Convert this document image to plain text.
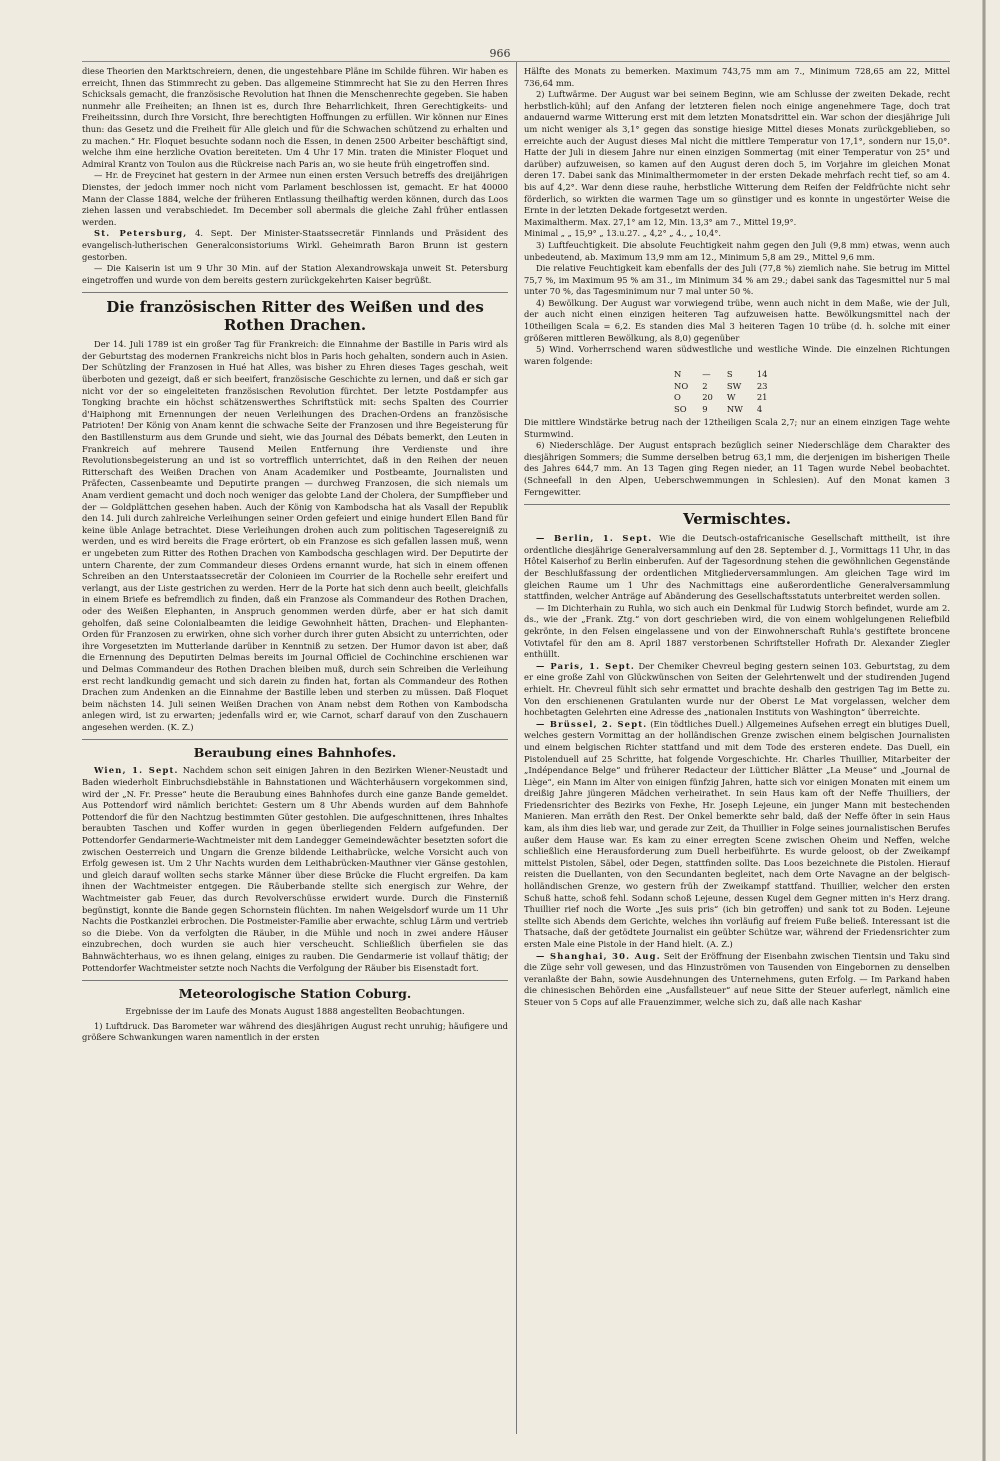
966

diese Theorien den Marktschreiern, denen, die ungestehbare Pläne im Schilde führen. Wir haben es erreicht, Ihnen das Stimmrecht zu geben. Das allgemeine Stimmrecht hat Sie zu den Herren Ihres Schicksals gemacht, die französische Revolution hat Ihnen die Menschenrechte gegeben. Sie haben nunmehr alle Freiheiten; an Ihnen ist es, durch Ihre Beharrlichkeit, Ihren Gerechtigkeits- und Freiheitssinn, durch Ihre Vorsicht, Ihre berechtigten Hoffnungen zu erfüllen. Wir können nur Eines thun: das Gesetz und die Freiheit für Alle gleich und für die Schwachen schützend zu erhalten und zu machen.“ Hr. Floquet besuchte sodann noch die Essen, in denen 2500 Arbeiter beschäftigt sind, welche ihm eine herzliche Ovation bereiteten. Um 4 Uhr 17 Min. traten die Minister Floquet und Admiral Krantz von Toulon aus die Rückreise nach Paris an, wo sie heute früh eingetroffen sind.

— Hr. de Freycinet hat gestern in der Armee nun einen ersten Versuch betreffs des dreijährigen Dienstes, der jedoch immer noch nicht vom Parlament beschlossen ist, gemacht. Er hat 40000 Mann der Classe 1884, welche der früheren Entlassung theilhaftig werden können, durch das Loos ziehen lassen und verabschiedet. Im December soll abermals die gleiche Zahl früher entlassen werden.

St. Petersburg, 4. Sept. Der Minister-Staatssecretär Finnlands und Präsident des evangelisch-lutherischen Generalconsistoriums Wirkl. Geheimrath Baron Brunn ist gestern gestorben.

— Die Kaiserin ist um 9 Uhr 30 Min. auf der Station Alexandrowskaja unweit St. Petersburg eingetroffen und wurde von dem bereits gestern zurückgekehrten Kaiser begrüßt.

Die französischen Ritter des Weißen und des Rothen Drachen.

Der 14. Juli 1789 ist ein großer Tag für Frankreich: die Einnahme der Bastille in Paris wird als der Geburtstag des modernen Frankreichs nicht blos in Paris hoch gehalten, sondern auch in Asien. Der Schützling der Franzosen in Hué hat Alles, was bisher zu Ehren dieses Tages geschah, weit überboten und gezeigt, daß er sich beeifert, französische Geschichte zu lernen, und daß er sich gar nicht vor der so eingeleiteten französischen Revolution fürchtet. Der letzte Postdampfer aus Tongking brachte ein höchst schätzenswerthes Schriftstück mit: sechs Spalten des Courrier d'Haiphong mit Ernennungen der neuen Verleihungen des Drachen-Ordens an französische Patrioten! Der König von Anam kennt die schwache Seite der Franzosen und ihre Begeisterung für den Bastillensturm aus dem Grunde und sieht, wie das Journal des Débats bemerkt, den Leuten in Frankreich auf mehrere Tausend Meilen Entfernung ihre Verdienste und ihre Revolutionsbegeisterung an und ist so vortrefflich unterrichtet, daß in den Reihen der neuen Ritterschaft des Weißen Drachen von Anam Academiker und Postbeamte, Journalisten und Präfecten, Cassenbeamte und Deputirte prangen — durchweg Franzosen, die sich niemals um Anam verdient gemacht und doch noch weniger das gelobte Land der Cholera, der Sumpffieber und der — Goldplättchen gesehen haben. Auch der König von Kambodscha hat als Vasall der Republik den 14. Juli durch zahlreiche Verleihungen seiner Orden gefeiert und einige hundert Ellen Band für keine üble Anlage betrachtet. Diese Verleihungen drohen auch zum politischen Tagesereigniß zu werden, und es wird bereits die Frage erörtert, ob ein Franzose es sich gefallen lassen muß, wenn er ungebeten zum Ritter des Rothen Drachen von Kambodscha geschlagen wird. Der Deputirte der untern Charente, der zum Commandeur dieses Ordens ernannt wurde, hat sich in einem offenen Schreiben an den Unterstaatssecretär der Colonieen im Courrier de la Rochelle sehr ereifert und verlangt, aus der Liste gestrichen zu werden. Herr de la Porte hat sich denn auch beeilt, gleichfalls in einem Briefe es befremdlich zu finden, daß ein Franzose als Commandeur des Rothen Drachen, oder des Weißen Elephanten, in Anspruch genommen werden dürfe, aber er hat sich damit geholfen, daß seine Colonialbeamten die leidige Gewohnheit hätten, Drachen- und Elephanten-Orden für Franzosen zu erwirken, ohne sich vorher durch ihrer guten Absicht zu unterrichten, oder ihre Vorgesetzten im Mutterlande darüber in Kenntniß zu setzen. Der Humor davon ist aber, daß die Ernennung des Deputirten Delmas bereits im Journal Officiel de Cochinchine erschienen war und Delmas Commandeur des Rothen Drachen bleiben muß, durch sein Schreiben die Verleihung erst recht landkundig gemacht und sich darein zu finden hat, fortan als Commandeur des Rothen Drachen zum Andenken an die Einnahme der Bastille leben und sterben zu müssen. Daß Floquet beim nächsten 14. Juli seinen Weißen Drachen von Anam nebst dem Rothen von Kambodscha anlegen wird, ist zu erwarten; jedenfalls wird er, wie Carnot, scharf darauf von den Zuschauern angesehen werden. (K. Z.)

Beraubung eines Bahnhofes.

Wien, 1. Sept. Nachdem schon seit einigen Jahren in den Bezirken Wiener-Neustadt und Baden wiederholt Einbruchsdiebstähle in Bahnstationen und Wächterhäusern vorgekommen sind, wird der „N. Fr. Presse“ heute die Beraubung eines Bahnhofes durch eine ganze Bande gemeldet. Aus Pottendorf wird nämlich berichtet: Gestern um 8 Uhr Abends wurden auf dem Bahnhofe Pottendorf die für den Nachtzug bestimmten Güter gestohlen. Die aufgeschnittenen, ihres Inhaltes beraubten Taschen und Koffer wurden in gegen überliegenden Feldern aufgefunden. Der Pottendorfer Gendarmerie-Wachtmeister mit dem Landegger Gemeindewächter besetzten sofort die zwischen Oesterreich und Ungarn die Grenze bildende Leithabrücke, welche Vorsicht auch von Erfolg gewesen ist. Um 2 Uhr Nachts wurden dem Leithabrücken-Mauthner vier Gänse gestohlen, und gleich darauf wollten sechs starke Männer über diese Brücke die Flucht ergreifen. Da kam ihnen der Wachtmeister entgegen. Die Räuberbande stellte sich energisch zur Wehre, der Wachtmeister gab Feuer, das durch Revolverschüsse erwidert wurde. Durch die Finsterniß begünstigt, konnte die Bande gegen Schornstein flüchten. Im nahen Weigelsdorf wurde um 11 Uhr Nachts die Postkanzlei erbrochen. Die Postmeister-Familie aber erwachte, schlug Lärm und vertrieb so die Diebe. Von da verfolgten die Räuber, in die Mühle und noch in zwei andere Häuser einzubrechen, doch wurden sie auch hier verscheucht. Schließlich überfielen sie das Bahnwächterhaus, wo es ihnen gelang, einiges zu rauben. Die Gendarmerie ist vollauf thätig; der Pottendorfer Wachtmeister setzte noch Nachts die Verfolgung der Räuber bis Eisenstadt fort.

Meteorologische Station Coburg.
Ergebnisse der im Laufe des Monats August 1888 angestellten Beobachtungen.

1) Luftdruck. Das Barometer war während des diesjährigen August recht unruhig; häufigere und größere Schwankungen waren namentlich in der ersten

Hälfte des Monats zu bemerken. Maximum 743,75 mm am 7., Minimum 728,65 am 22, Mittel 736,64 mm.

2) Luftwärme. Der August war bei seinem Beginn, wie am Schlusse der zweiten Dekade, recht herbstlich-kühl; auf den Anfang der letzteren fielen noch einige angenehmere Tage, doch trat andauernd warme Witterung erst mit dem letzten Monatsdrittel ein. War schon der diesjährige Juli um nicht weniger als 3,1° gegen das sonstige hiesige Mittel dieses Monats zurückgeblieben, so erreichte auch der August dieses Mal nicht die mittlere Temperatur von 17,1°, sondern nur 15,0°. Hatte der Juli in diesem Jahre nur einen einzigen Sommertag (mit einer Temperatur von 25° und darüber) aufzuweisen, so kamen auf den August deren doch 5, im Vorjahre im gleichen Monat deren 17. Dabei sank das Minimalthermometer in der ersten Dekade mehrfach recht tief, so am 4. bis auf 4,2°. War denn diese rauhe, herbstliche Witterung dem Reifen der Feldfrüchte nicht sehr förderlich, so wirkten die warmen Tage um so günstiger und es konnte in ungestörter Weise die Ernte in der letzten Dekade fortgesetzt werden.

Maximaltherm. Max. 27,1° am 12, Min. 13,3° am 7., Mittel 19,9°.

Minimal „ „ 15,9° „ 13.u.27. „ 4,2° „ 4., „ 10,4°.

3) Luftfeuchtigkeit. Die absolute Feuchtigkeit nahm gegen den Juli (9,8 mm) etwas, wenn auch unbedeutend, ab. Maximum 13,9 mm am 12., Minimum 5,8 am 29., Mittel 9,6 mm.

Die relative Feuchtigkeit kam ebenfalls der des Juli (77,8 %) ziemlich nahe. Sie betrug im Mittel 75,7 %, im Maximum 95 % am 31., im Minimum 34 % am 29.; dabei sank das Tagesmittel nur 5 mal unter 70 %, das Tagesminimum nur 7 mal unter 50 %.

4) Bewölkung. Der August war vorwiegend trübe, wenn auch nicht in dem Maße, wie der Juli, der auch nicht einen einzigen heiteren Tag aufzuweisen hatte. Bewölkungsmittel nach der 10theiligen Scala = 6,2. Es standen dies Mal 3 heiteren Tagen 10 trübe (d. h. solche mit einer größeren mittleren Bewölkung, als 8,0) gegenüber

5) Wind. Vorherrschend waren südwestliche und westliche Winde. Die einzelnen Richtungen waren folgende:

N	—	S	14
NO	2	SW	23
O	20	W	21
SO	9	NW	4

Die mittlere Windstärke betrug nach der 12theiligen Scala 2,7; nur an einem einzigen Tage wehte Sturmwind.

6) Niederschläge. Der August entsprach bezüglich seiner Niederschläge dem Charakter des diesjährigen Sommers; die Summe derselben betrug 63,1 mm, die derjenigen im bisherigen Theile des Jahres 644,7 mm. An 13 Tagen ging Regen nieder, an 11 Tagen wurde Nebel beobachtet. (Schneefall in den Alpen, Ueberschwemmungen in Schlesien). Auf den Monat kamen 3 Ferngewitter.

Vermischtes.

— Berlin, 1. Sept. Wie die Deutsch-ostafricanische Gesellschaft mittheilt, ist ihre ordentliche diesjährige Generalversammlung auf den 28. September d. J., Vormittags 11 Uhr, in das Hôtel Kaiserhof zu Berlin einberufen. Auf der Tagesordnung stehen die gewöhnlichen Gegenstände der Beschlußfassung der ordentlichen Mitgliederversammlungen. Am gleichen Tage wird im gleichen Raume um 1 Uhr des Nachmittags eine außerordentliche Generalversammlung stattfinden, welcher Anträge auf Abänderung des Gesellschaftsstatuts unterbreitet werden sollen.

— Im Dichterhain zu Ruhla, wo sich auch ein Denkmal für Ludwig Storch befindet, wurde am 2. ds., wie der „Frank. Ztg.“ von dort geschrieben wird, die von einem wohlgelungenen Reliefbild gekrönte, in den Felsen eingelassene und von der Einwohnerschaft Ruhla's gestiftete broncene Votivtafel für den am 8. April 1887 verstorbenen Schriftsteller Hofrath Dr. Alexander Ziegler enthüllt.

— Paris, 1. Sept. Der Chemiker Chevreul beging gestern seinen 103. Geburtstag, zu dem er eine große Zahl von Glückwünschen von Seiten der Gelehrtenwelt und der studirenden Jugend erhielt. Hr. Chevreul fühlt sich sehr ermattet und brachte deshalb den gestrigen Tag im Bette zu. Von den erschienenen Gratulanten wurde nur der Oberst Le Mat vorgelassen, welcher dem hochbetagten Gelehrten eine Adresse des „nationalen Instituts von Washington“ überreichte.

— Brüssel, 2. Sept. (Ein tödtliches Duell.) Allgemeines Aufsehen erregt ein blutiges Duell, welches gestern Vormittag an der holländischen Grenze zwischen einem belgischen Journalisten und einem belgischen Richter stattfand und mit dem Tode des ersteren endete. Das Duell, ein Pistolenduell auf 25 Schritte, hat folgende Vorgeschichte. Hr. Charles Thuillier, Mitarbeiter der „Indépendance Belge“ und früherer Redacteur der Lütticher Blätter „La Meuse“ und „Journal de Liège“, ein Mann im Alter von einigen fünfzig Jahren, hatte sich vor einigen Monaten mit einem um dreißig Jahre jüngeren Mädchen verheirathet. In sein Haus kam oft der Neffe Thuilliers, der Friedensrichter des Bezirks von Fexhe, Hr. Joseph Lejeune, ein junger Mann mit bestechenden Manieren. Man erräth den Rest. Der Onkel bemerkte sehr bald, daß der Neffe öfter in sein Haus kam, als ihm dies lieb war, und gerade zur Zeit, da Thuillier in Folge seines journalistischen Berufes außer dem Hause war. Es kam zu einer erregten Scene zwischen Oheim und Neffen, welche schließlich eine Herausforderung zum Duell herbeiführte. Es wurde geloost, ob der Zweikampf mittelst Pistolen, Säbel, oder Degen, stattfinden sollte. Das Loos bezeichnete die Pistolen. Hierauf reisten die Duellanten, von den Secundanten begleitet, nach dem Orte Navagne an der belgisch-holländischen Grenze, wo gestern früh der Zweikampf stattfand. Thuillier, welcher den ersten Schuß hatte, schoß fehl. Sodann schoß Lejeune, dessen Kugel dem Gegner mitten in's Herz drang. Thuillier rief noch die Worte „Jes suis pris“ (ich bin getroffen) und sank tot zu Boden. Lejeune stellte sich Abends dem Gerichte, welches ihn vorläufig auf freiem Fuße beließ. Interessant ist die Thatsache, daß der getödtete Journalist ein geübter Schütze war, während der Friedensrichter zum ersten Male eine Pistole in der Hand hielt. (A. Z.)

— Shanghai, 30. Aug. Seit der Eröffnung der Eisenbahn zwischen Tientsin und Taku sind die Züge sehr voll gewesen, und das Hinzuströmen von Tausenden von Eingebornen zu denselben veranlaßte der Bahn, sowie Ausdehnungen des Unternehmens, guten Erfolg. — Im Parkand haben die chinesischen Behörden eine „Ausfallsteuer“ auf neue Sitte der Steuer auferlegt, nämlich eine Steuer von 5 Cops auf alle Frauenzimmer, welche sich zu, daß alle nach Kashar
